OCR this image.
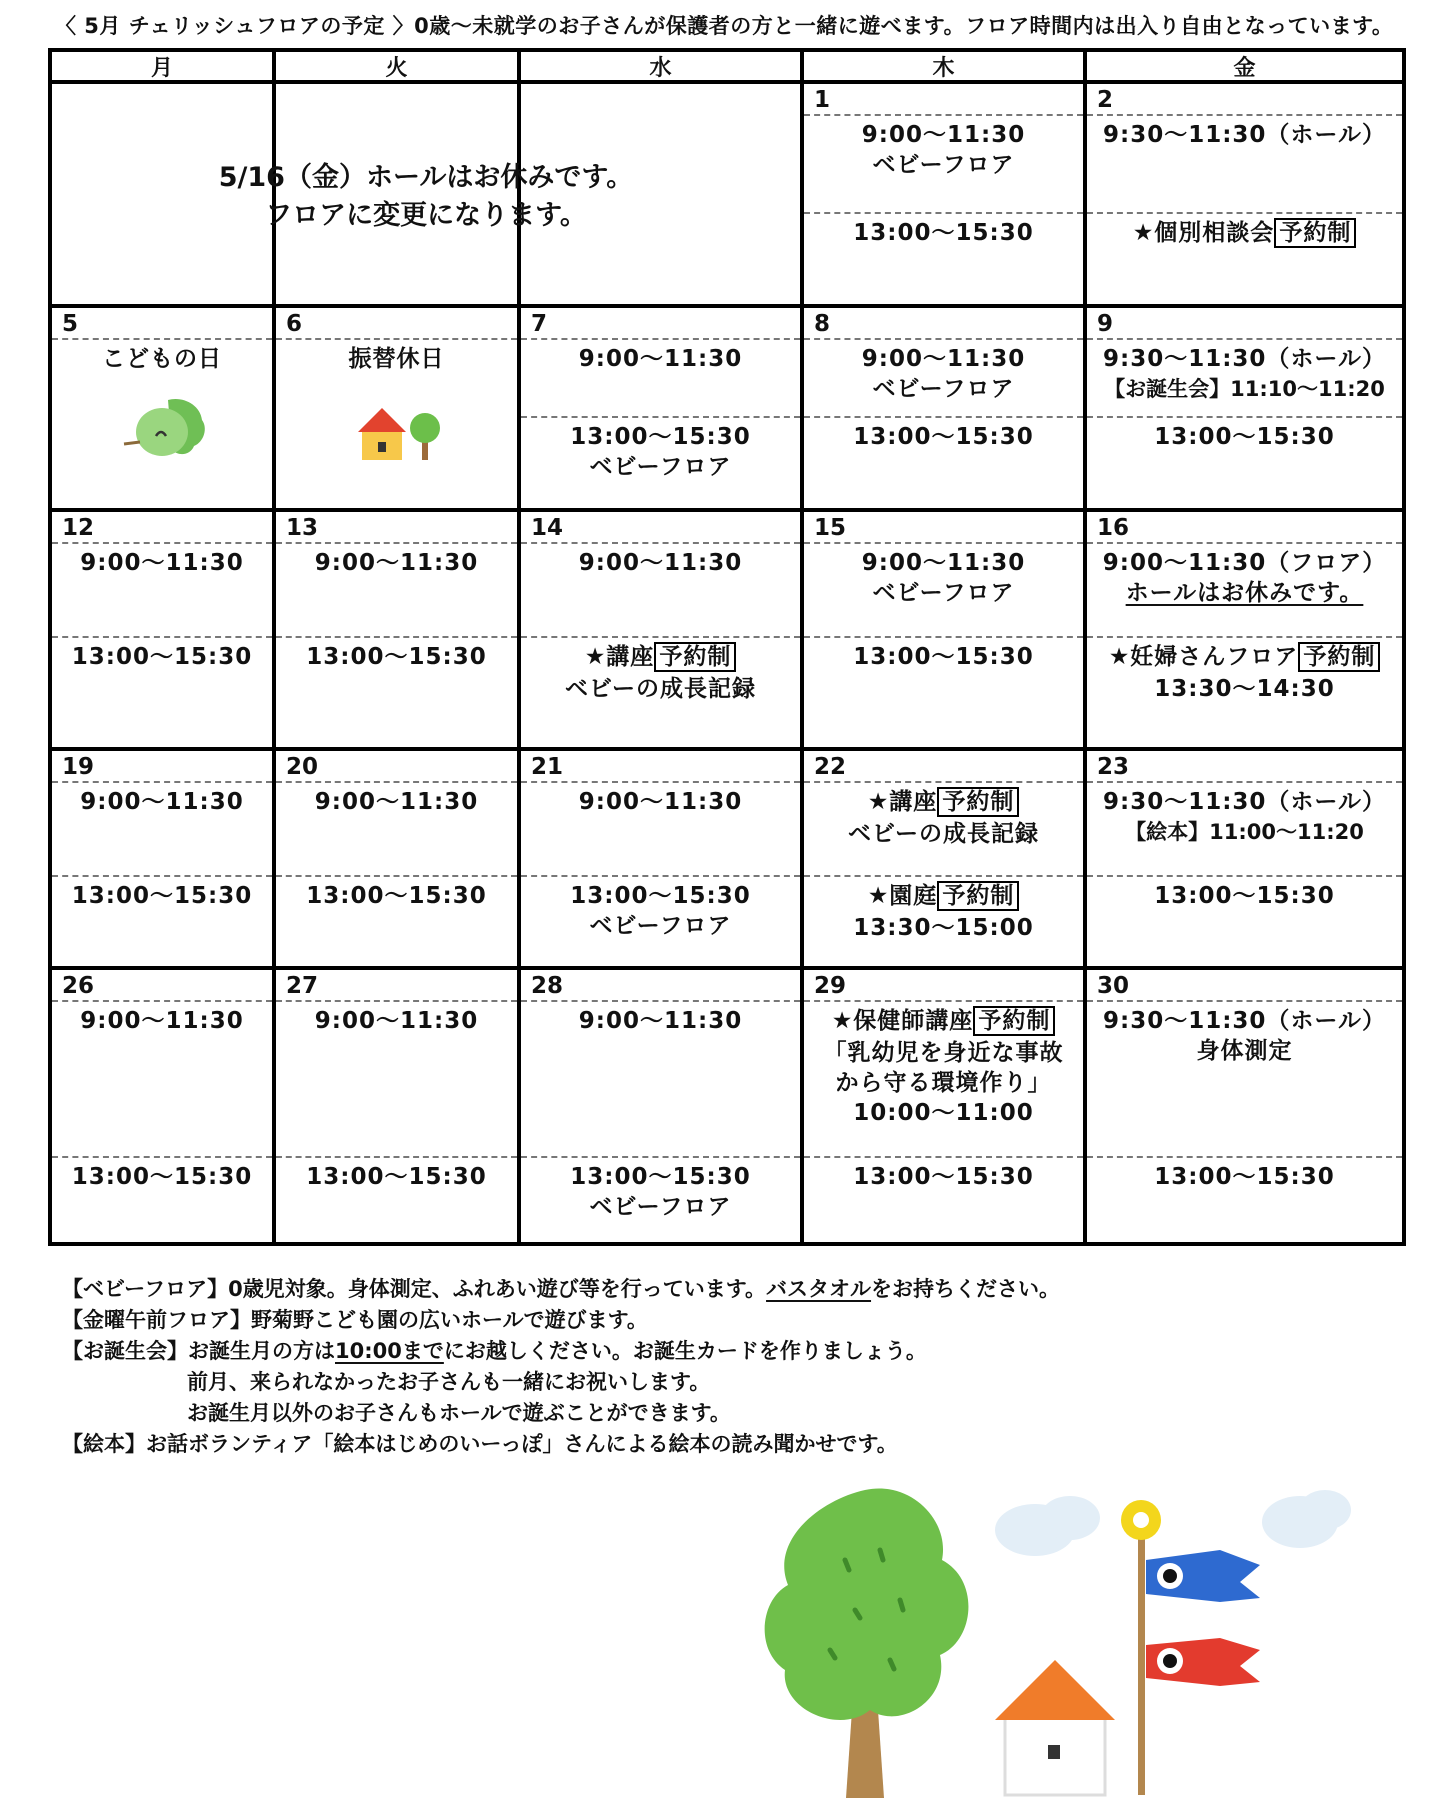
〈 5月 チェリッシュフロアの予定 〉0歳～未就学のお子さんが保護者の方と一緒に遊べます。フロア時間内は出入り自由となっています。
月	火	水	木	金
5/16（金）ホールはお休みです。
フロアに変更になります。
1
9:00～11:30
ベビーフロア
13:00～15:30
2
9:30～11:30（ホール）
★個別相談会 予約制
5
こどもの日
6
振替休日
7
9:00～11:30
13:00～15:30
ベビーフロア
8
9:00～11:30
ベビーフロア
13:00～15:30
9
9:30～11:30（ホール）
【お誕生会】11:10～11:20
13:00～15:30
12
9:00～11:30
13:00～15:30
13
9:00～11:30
13:00～15:30
14
9:00～11:30
★講座 予約制
ベビーの成長記録
15
9:00～11:30
ベビーフロア
13:00～15:30
16
9:00～11:30（フロア）
ホールはお休みです。
★妊婦さんフロア 予約制
13:30～14:30
19
9:00～11:30
13:00～15:30
20
9:00～11:30
13:00～15:30
21
9:00～11:30
13:00～15:30
ベビーフロア
22
★講座 予約制
ベビーの成長記録
★園庭 予約制
13:30～15:00
23
9:30～11:30（ホール）
【絵本】11:00～11:20
13:00～15:30
26
9:00～11:30
13:00～15:30
27
9:00～11:30
13:00～15:30
28
9:00～11:30
13:00～15:30
ベビーフロア
29
★保健師講座 予約制
「乳幼児を身近な事故
から守る環境作り」
10:00～11:00
13:00～15:30
30
9:30～11:30（ホール）
身体測定
13:00～15:30
【ベビーフロア】0歳児対象。身体測定、ふれあい遊び等を行っています。バスタオルをお持ちください。
【金曜午前フロア】野菊野こども園の広いホールで遊びます。
【お誕生会】お誕生月の方は10:00までにお越しください。お誕生カードを作りましょう。
前月、来られなかったお子さんも一緒にお祝いします。
お誕生月以外のお子さんもホールで遊ぶことができます。
【絵本】お話ボランティア「絵本はじめのいーっぽ」さんによる絵本の読み聞かせです。
